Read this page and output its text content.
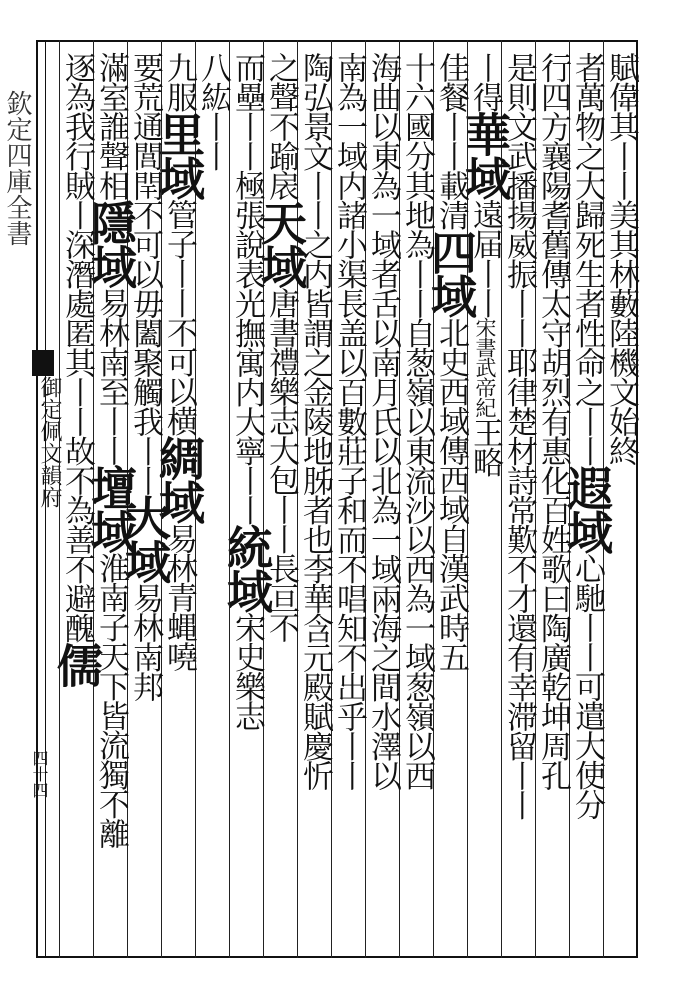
欽定四庫全書
御定佩文韻府
四十四
賦偉其丨丨美其林藪陸機文始終
者萬物之大歸死生者性命之丨丨遐域心馳丨丨可遣大使分
行四方襄陽耆舊傳太守胡烈有惠化百姓歌曰陶廣乾坤周孔
是則文武播揚威振丨丨耶律楚材詩常歎不才還有幸滞留丨丨
丨得華域遠届丨丨宋書武帝紀王略
佳餐丨丨載清四域北史西域傳西域自漢武時五
十六國分其地為丨丨自葱嶺以東流沙以西為一域葱嶺以西
海曲以東為一域者舌以南月氏以北為一域兩海之間水澤以
南為一域内諸小渠長盖以百數莊子和而不唱知不出乎丨丨
陶弘景文丨丨之内皆謂之金陵地胏者也李華含元殿賦慶忻
之聲不踰扆天域唐書禮樂志大包丨丨長亘不
而壘丨丨極張說表光撫寓内大寧丨丨統域宋史樂志
八紘丨丨
九服里域管子丨丨不可以横綢域易林青蝿嘵
要荒通閭閈不可以毋闔聚觸我丨丨大域易林南邦
滿室誰聲相隱域易林南至丨丨壇域淮南子天下皆流獨不離
逐為我行賊丨深潛處匿其丨丨故不為善不避醜儒
